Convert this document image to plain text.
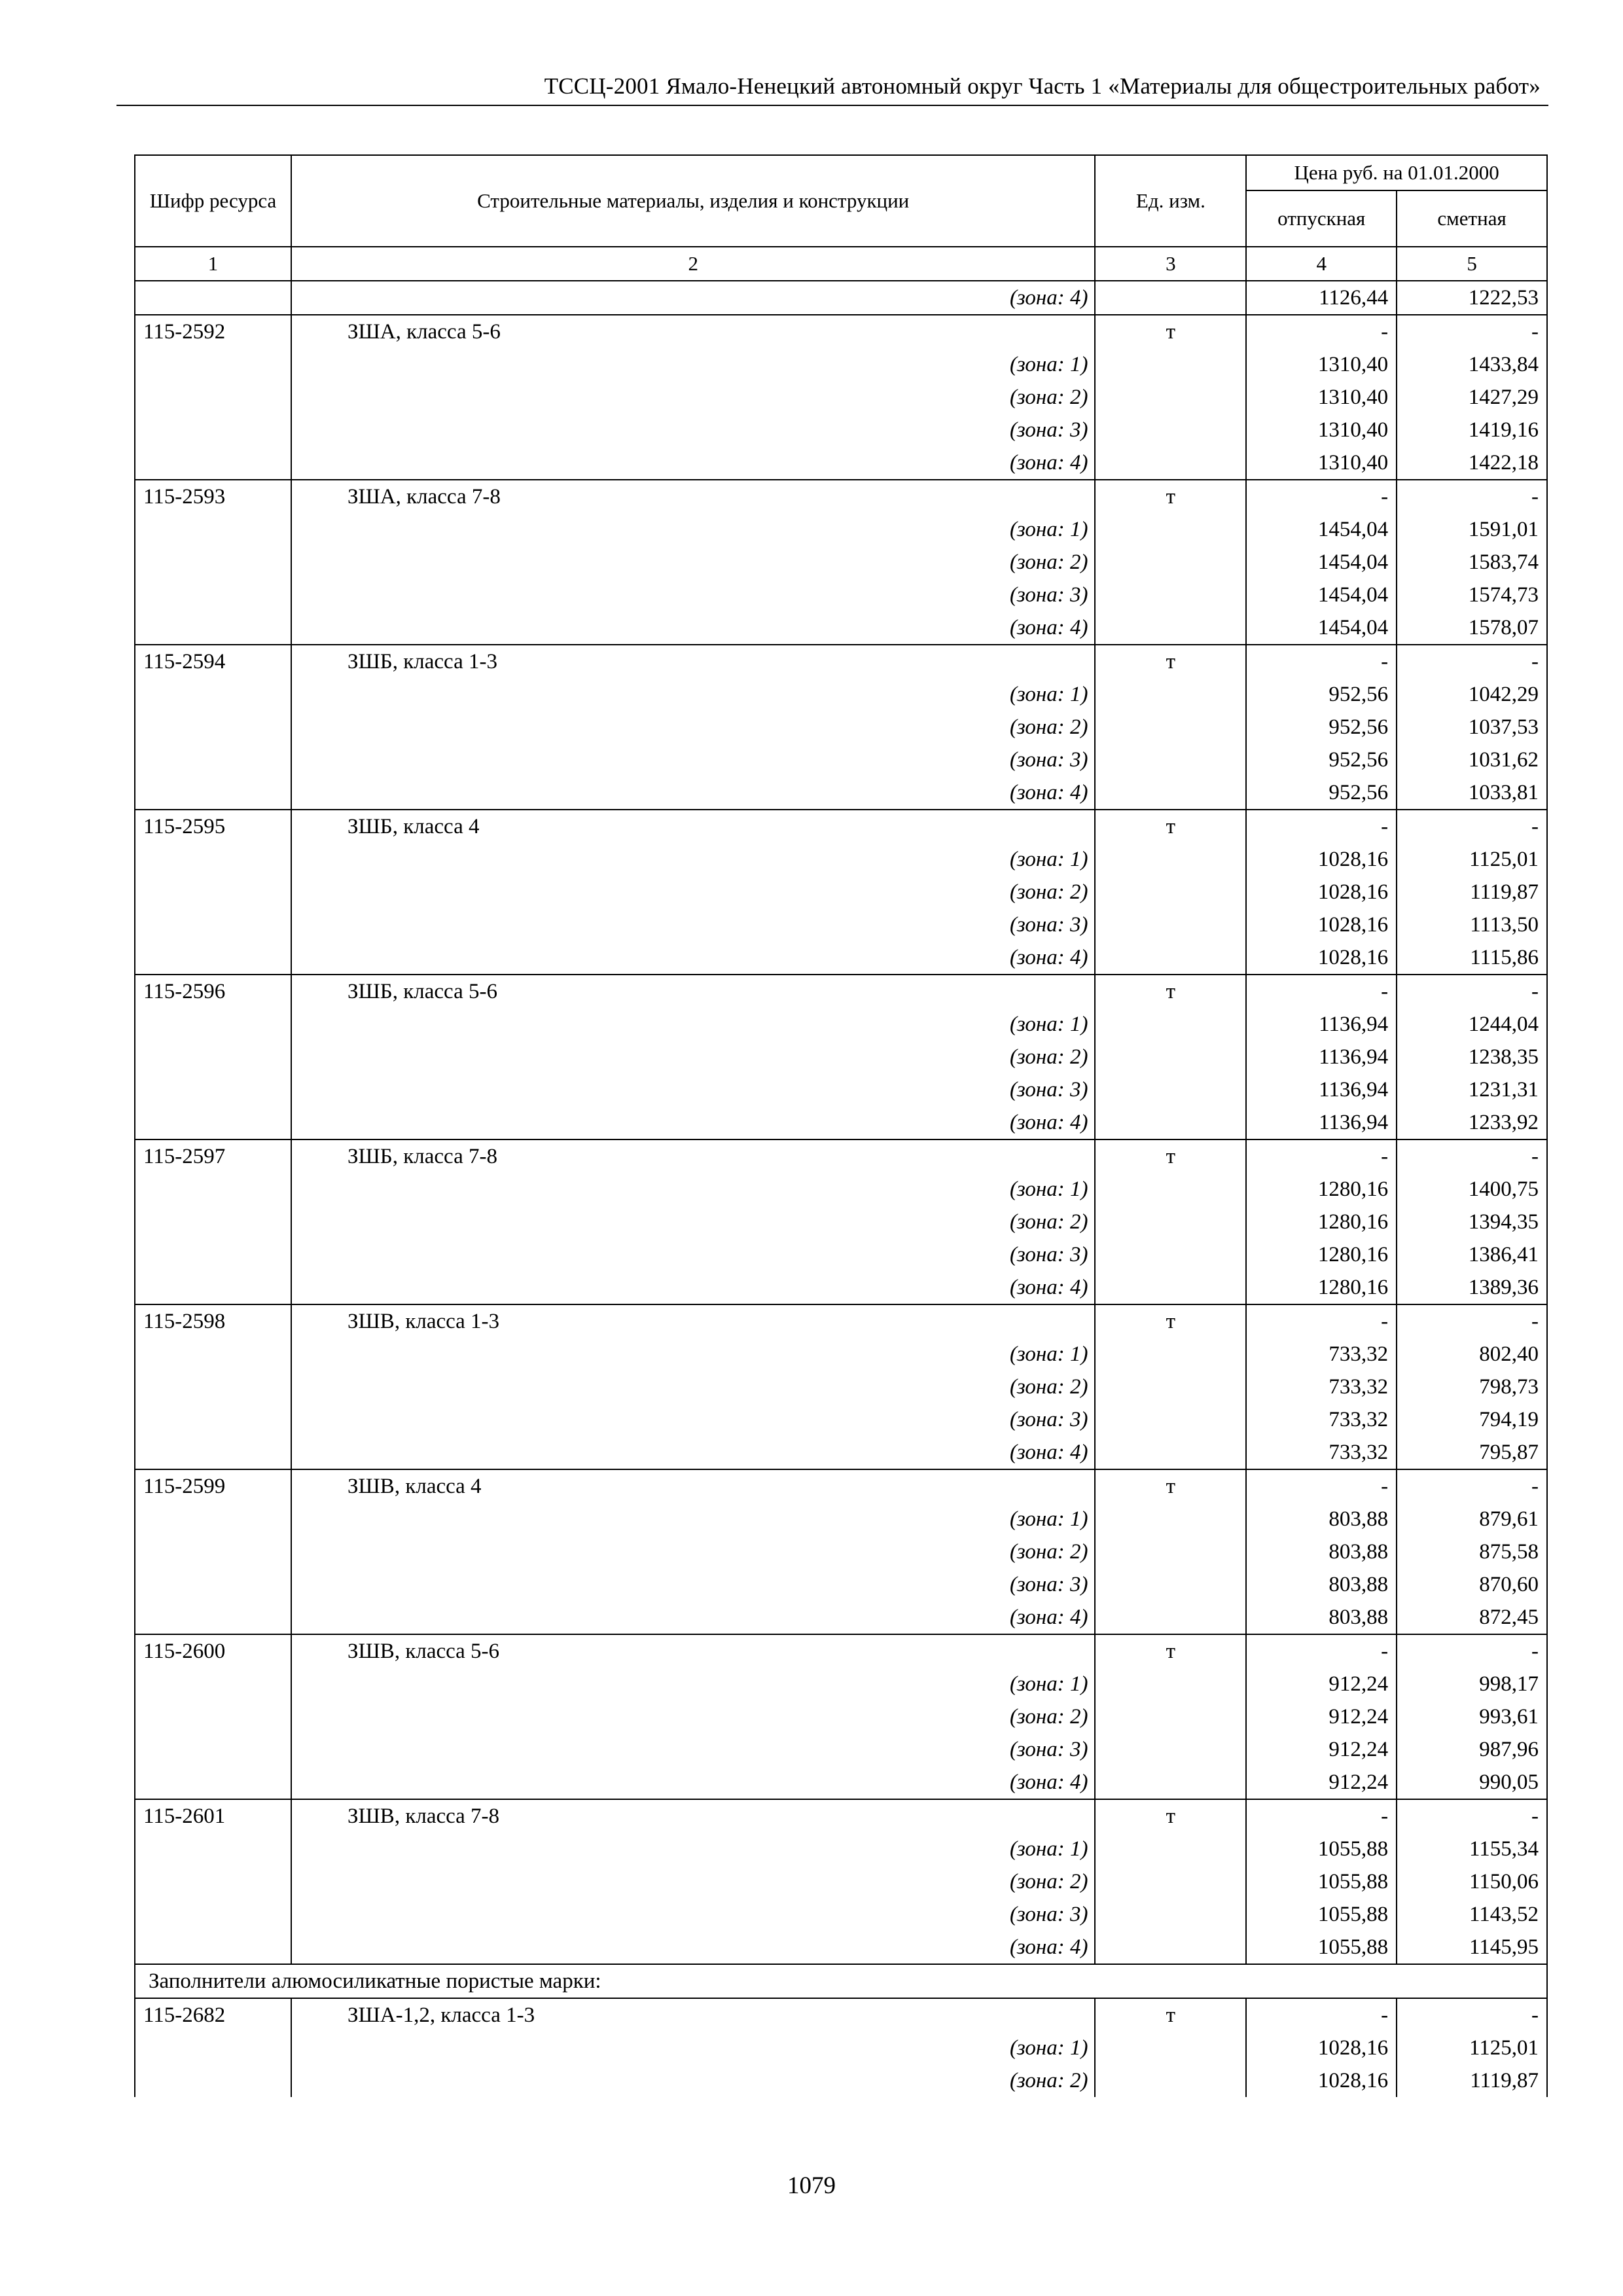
ТССЦ-2001 Ямало-Ненецкий автономный округ Часть 1 «Материалы для общестроительных работ»
Шифр ресурса	Строительные материалы, изделия и конструкции	Ед. изм.	Цена руб. на 01.01.2000	
			отпускная	сметная
1	2	3	4	5
	(зона: 4)		1126,44	1222,53
115-2592	ЗША, класса 5-6	т	-	-
	(зона: 1)		1310,40	1433,84
	(зона: 2)		1310,40	1427,29
	(зона: 3)		1310,40	1419,16
	(зона: 4)		1310,40	1422,18
115-2593	ЗША, класса 7-8	т	-	-
	(зона: 1)		1454,04	1591,01
	(зона: 2)		1454,04	1583,74
	(зона: 3)		1454,04	1574,73
	(зона: 4)		1454,04	1578,07
115-2594	ЗШБ, класса 1-3	т	-	-
	(зона: 1)		952,56	1042,29
	(зона: 2)		952,56	1037,53
	(зона: 3)		952,56	1031,62
	(зона: 4)		952,56	1033,81
115-2595	ЗШБ, класса 4	т	-	-
	(зона: 1)		1028,16	1125,01
	(зона: 2)		1028,16	1119,87
	(зона: 3)		1028,16	1113,50
	(зона: 4)		1028,16	1115,86
115-2596	ЗШБ, класса 5-6	т	-	-
	(зона: 1)		1136,94	1244,04
	(зона: 2)		1136,94	1238,35
	(зона: 3)		1136,94	1231,31
	(зона: 4)		1136,94	1233,92
115-2597	ЗШБ, класса 7-8	т	-	-
	(зона: 1)		1280,16	1400,75
	(зона: 2)		1280,16	1394,35
	(зона: 3)		1280,16	1386,41
	(зона: 4)		1280,16	1389,36
115-2598	ЗШВ, класса 1-3	т	-	-
	(зона: 1)		733,32	802,40
	(зона: 2)		733,32	798,73
	(зона: 3)		733,32	794,19
	(зона: 4)		733,32	795,87
115-2599	ЗШВ, класса 4	т	-	-
	(зона: 1)		803,88	879,61
	(зона: 2)		803,88	875,58
	(зона: 3)		803,88	870,60
	(зона: 4)		803,88	872,45
115-2600	ЗШВ, класса 5-6	т	-	-
	(зона: 1)		912,24	998,17
	(зона: 2)		912,24	993,61
	(зона: 3)		912,24	987,96
	(зона: 4)		912,24	990,05
115-2601	ЗШВ, класса 7-8	т	-	-
	(зона: 1)		1055,88	1155,34
	(зона: 2)		1055,88	1150,06
	(зона: 3)		1055,88	1143,52
	(зона: 4)		1055,88	1145,95
Заполнители алюмосиликатные пористые марки:				
115-2682	ЗША-1,2, класса 1-3	т	-	-
	(зона: 1)		1028,16	1125,01
	(зона: 2)		1028,16	1119,87
1079
